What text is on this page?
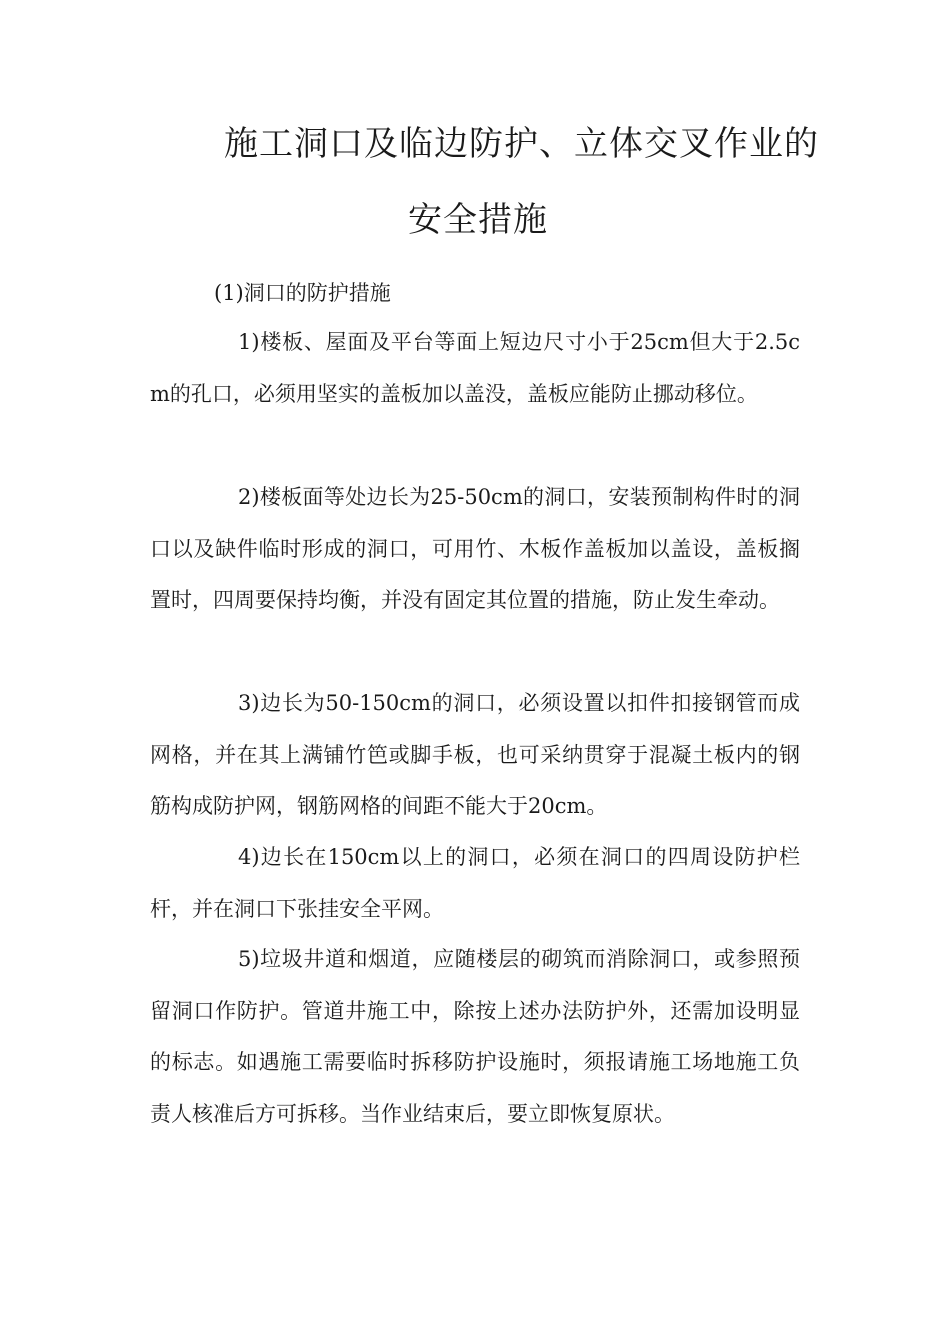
施工洞口及临边防护、立体交叉作业的
安全措施
(1)洞口的防护措施

1)楼板、屋面及平台等面上短边尺寸小于25cm但大于2.5cm的孔口，必须用坚实的盖板加以盖没，盖板应能防止挪动移位。

2)楼板面等处边长为25-50cm的洞口，安装预制构件时的洞口以及缺件临时形成的洞口，可用竹、木板作盖板加以盖设，盖板搁置时，四周要保持均衡，并没有固定其位置的措施，防止发生牵动。

3)边长为50-150cm的洞口，必须设置以扣件扣接钢管而成网格，并在其上满铺竹笆或脚手板，也可采纳贯穿于混凝土板内的钢筋构成防护网，钢筋网格的间距不能大于20cm。

4)边长在150cm以上的洞口，必须在洞口的四周设防护栏杆，并在洞口下张挂安全平网。

5)垃圾井道和烟道，应随楼层的砌筑而消除洞口，或参照预留洞口作防护。管道井施工中，除按上述办法防护外，还需加设明显的标志。如遇施工需要临时拆移防护设施时，须报请施工场地施工负责人核准后方可拆移。当作业结束后，要立即恢复原状。
